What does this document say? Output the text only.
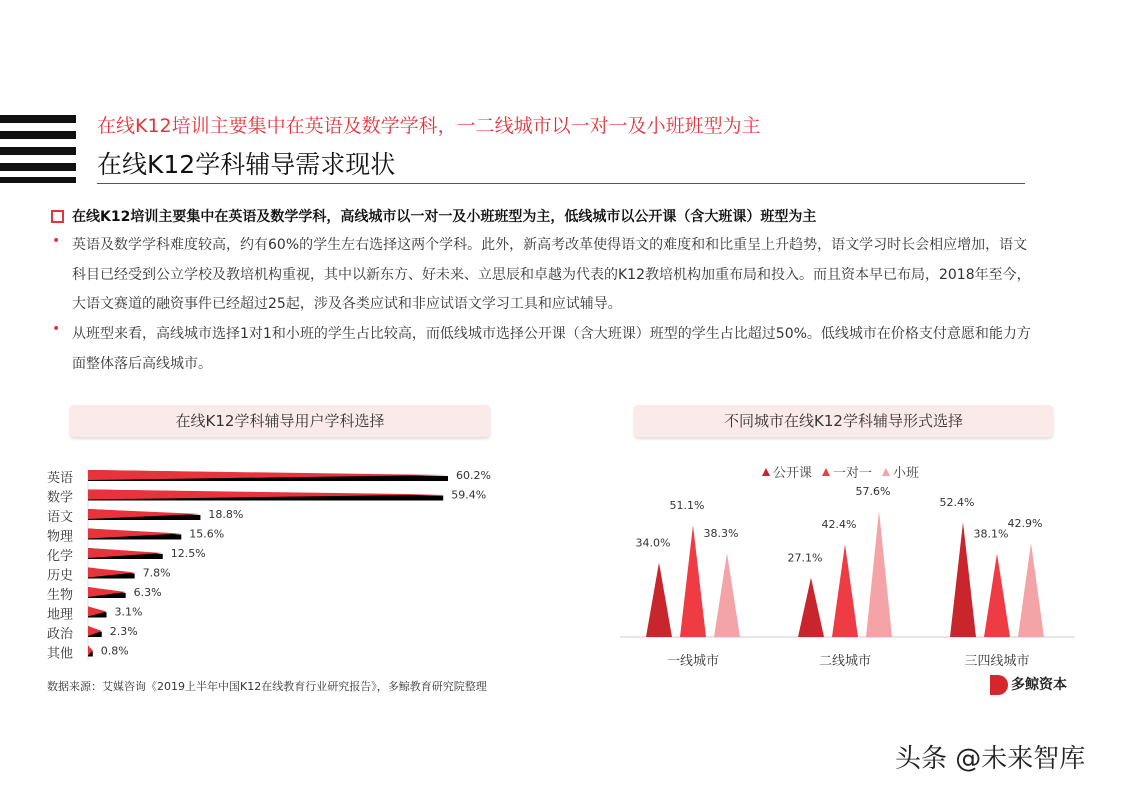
在线K12培训主要集中在英语及数学学科，一二线城市以一对一及小班班型为主
在线K12学科辅导需求现状
在线K12培训主要集中在英语及数学学科，高线城市以一对一及小班班型为主，低线城市以公开课（含大班课）班型为主
• 英语及数学学科难度较高，约有60%的学生左右选择这两个学科。此外，新高考改革使得语文的难度和和比重呈上升趋势，语文学习时长会相应增加，语文科目已经受到公立学校及教培机构重视，其中以新东方、好未来、立思辰和卓越为代表的K12教培机构加重布局和投入。而且资本早已布局，2018年至今，大语文赛道的融资事件已经超过25起，涉及各类应试和非应试语文学习工具和应试辅导。
• 从班型来看，高线城市选择1对1和小班的学生占比较高，而低线城市选择公开课（含大班课）班型的学生占比超过50%。低线城市在价格支付意愿和能力方面整体落后高线城市。
在线K12学科辅导用户学科选择	不同城市在线K12学科辅导形式选择
英语	60.2%
数学	59.4%
语文	18.8%
物理	15.6%
化学	12.5%
历史	7.8%
生物	6.3%
地理	3.1%
政治	2.3%
其他	0.8%
公开课 一对一 小班
一线城市
34.0%
51.1%
38.3%
二线城市
27.1%
42.4%
57.6%
三四线城市
52.4%
38.1%
42.9%
数据来源：艾媒咨询《2019上半年中国K12在线教育行业研究报告》，多鲸教育研究院整理	多鲸资本
头条 @未来智库
